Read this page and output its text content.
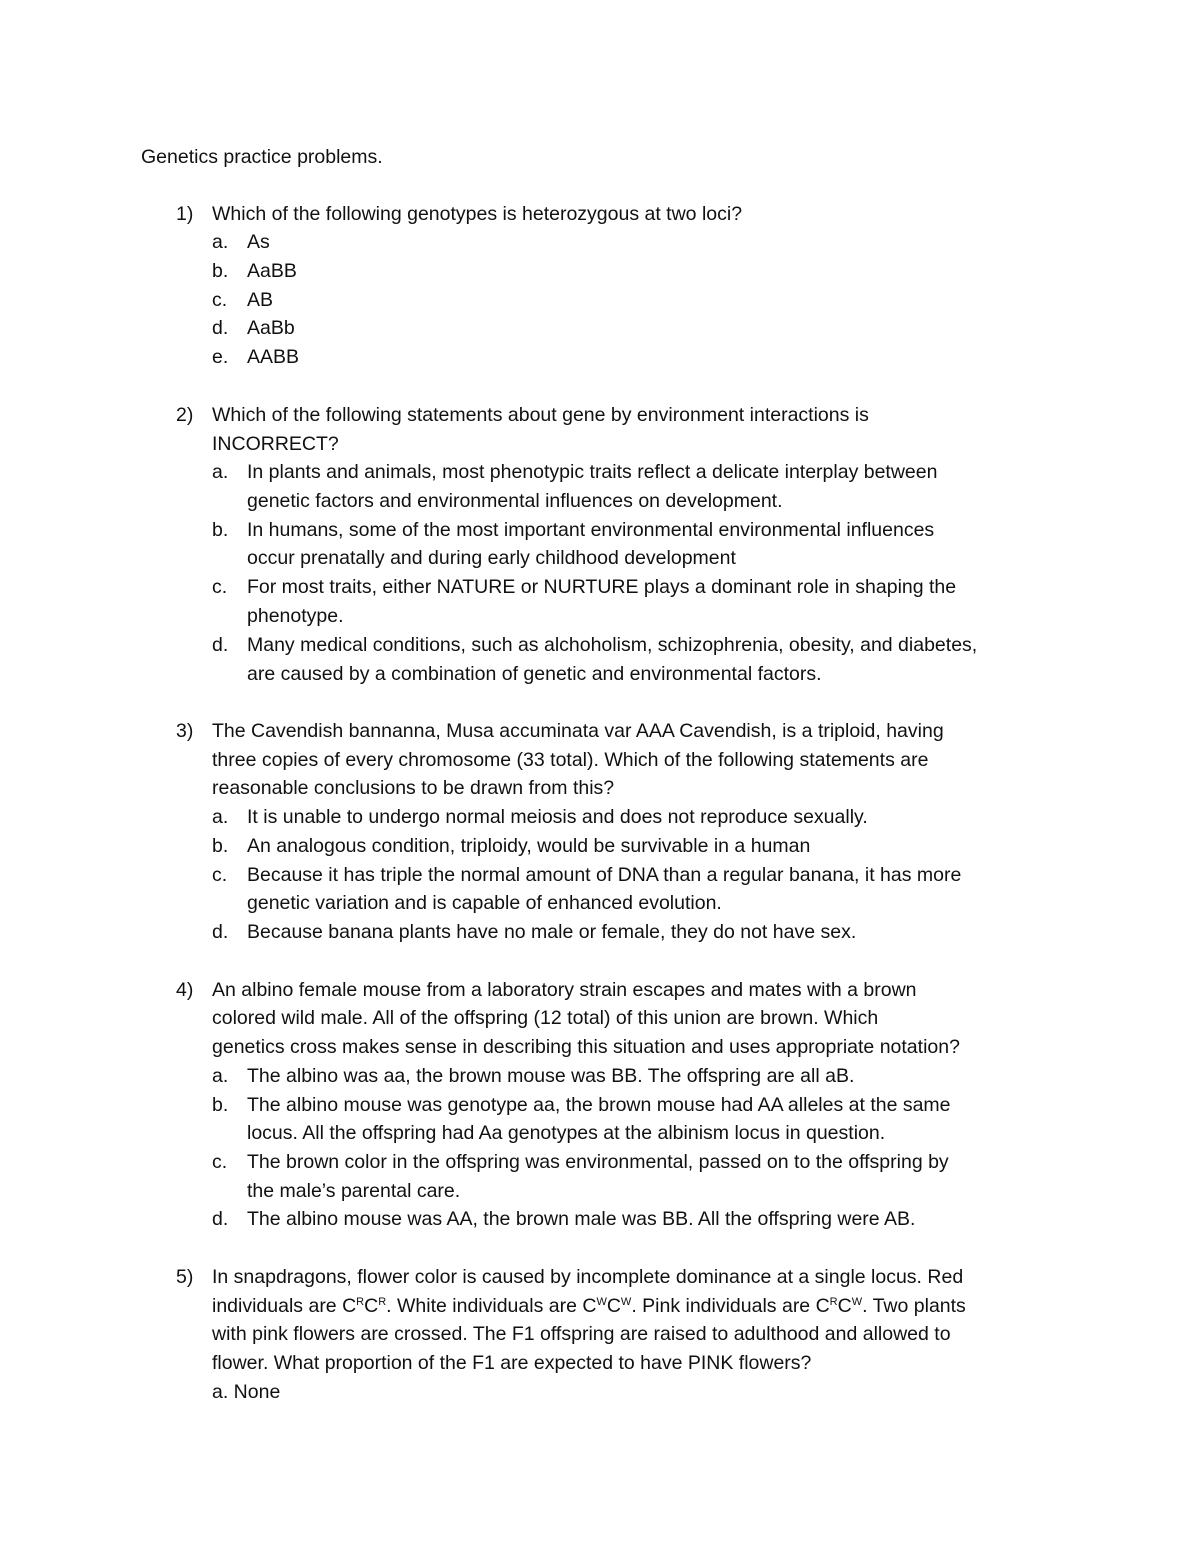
Genetics practice problems.
1) Which of the following genotypes is heterozygous at two loci?
a. As
b. AaBB
c. AB
d. AaBb
e. AABB
2) Which of the following statements about gene by environment interactions is
INCORRECT?
a. In plants and animals, most phenotypic traits reflect a delicate interplay between
genetic factors and environmental influences on development.
b. In humans, some of the most important environmental environmental influences
occur prenatally and during early childhood development
c. For most traits, either NATURE or NURTURE plays a dominant role in shaping the
phenotype.
d. Many medical conditions, such as alchoholism, schizophrenia, obesity, and diabetes,
are caused by a combination of genetic and environmental factors.
3) The Cavendish bannanna, Musa accuminata var AAA Cavendish, is a triploid, having
three copies of every chromosome (33 total). Which of the following statements are
reasonable conclusions to be drawn from this?
a. It is unable to undergo normal meiosis and does not reproduce sexually.
b. An analogous condition, triploidy, would be survivable in a human
c. Because it has triple the normal amount of DNA than a regular banana, it has more
genetic variation and is capable of enhanced evolution.
d. Because banana plants have no male or female, they do not have sex.
4) An albino female mouse from a laboratory strain escapes and mates with a brown
colored wild male. All of the offspring (12 total) of this union are brown. Which
genetics cross makes sense in describing this situation and uses appropriate notation?
a. The albino was aa, the brown mouse was BB. The offspring are all aB.
b. The albino mouse was genotype aa, the brown mouse had AA alleles at the same
locus. All the offspring had Aa genotypes at the albinism locus in question.
c. The brown color in the offspring was environmental, passed on to the offspring by
the male’s parental care.
d. The albino mouse was AA, the brown male was BB. All the offspring were AB.
5) In snapdragons, flower color is caused by incomplete dominance at a single locus. Red
individuals are $C^RC^R$. White individuals are $C^WC^W$. Pink individuals are $C^RC^W$. Two plants
with pink flowers are crossed. The F1 offspring are raised to adulthood and allowed to
flower. What proportion of the F1 are expected to have PINK flowers?
a. None
